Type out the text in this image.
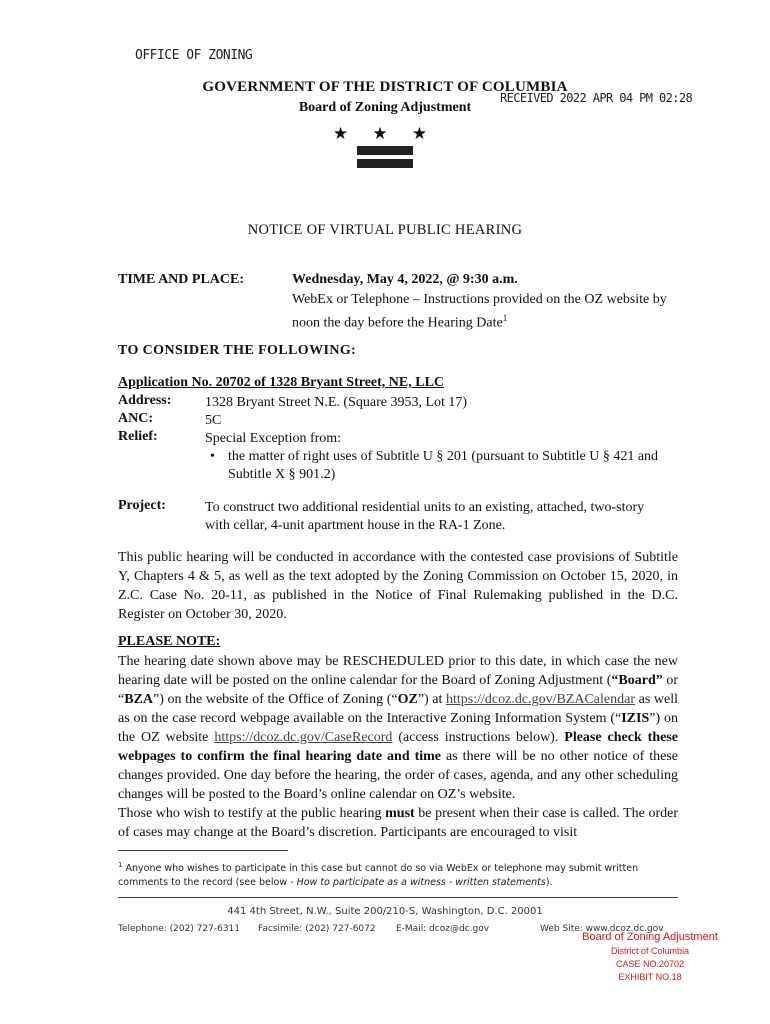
OFFICE OF ZONING
RECEIVED 2022 APR 04 PM 02:28
GOVERNMENT OF THE DISTRICT OF COLUMBIA
Board of Zoning Adjustment
★ ★ ★
NOTICE OF VIRTUAL PUBLIC HEARING
TIME AND PLACE:	Wednesday, May 4, 2022, @ 9:30 a.m.
WebEx or Telephone – Instructions provided on the OZ website by
noon the day before the Hearing Date$^1$
TO CONSIDER THE FOLLOWING:
Application No. 20702 of 1328 Bryant Street, NE, LLC
Address: 1328 Bryant Street N.E. (Square 3953, Lot 17)
ANC:	5C
Relief:	Special Exception from:
• the matter of right uses of Subtitle U § 201 (pursuant to Subtitle U § 421 and
Subtitle X § 901.2)
Project:	To construct two additional residential units to an existing, attached, two-story
with cellar, 4-unit apartment house in the RA-1 Zone.
This public hearing will be conducted in accordance with the contested case provisions of Subtitle Y, Chapters 4 & 5, as well as the text adopted by the Zoning Commission on October 15, 2020, in Z.C. Case No. 20-11, as published in the Notice of Final Rulemaking published in the D.C. Register on October 30, 2020.
PLEASE NOTE:
The hearing date shown above may be RESCHEDULED prior to this date, in which case the new hearing date will be posted on the online calendar for the Board of Zoning Adjustment (“Board” or “BZA”) on the website of the Office of Zoning (“OZ”) at https://dcoz.dc.gov/BZACalendar as well as on the case record webpage available on the Interactive Zoning Information System (“IZIS”) on the OZ website https://dcoz.dc.gov/CaseRecord (access instructions below). Please check these webpages to confirm the final hearing date and time as there will be no other notice of these changes provided. One day before the hearing, the order of cases, agenda, and any other scheduling changes will be posted to the Board’s online calendar on OZ’s website.
Those who wish to testify at the public hearing must be present when their case is called. The order of cases may change at the Board’s discretion. Participants are encouraged to visit
$^1$ Anyone who wishes to participate in this case but cannot do so via WebEx or telephone may submit written comments to the record (see below - How to participate as a witness - written statements).
441 4th Street, N.W., Suite 200/210-S, Washington, D.C. 20001
Telephone: (202) 727-6311 Facsimile: (202) 727-6072 E-Mail: dcoz@dc.gov	Web Site: www.dcoz.dc.gov
Board of Zoning Adjustment
District of Columbia
CASE NO.20702
EXHIBIT NO.18
